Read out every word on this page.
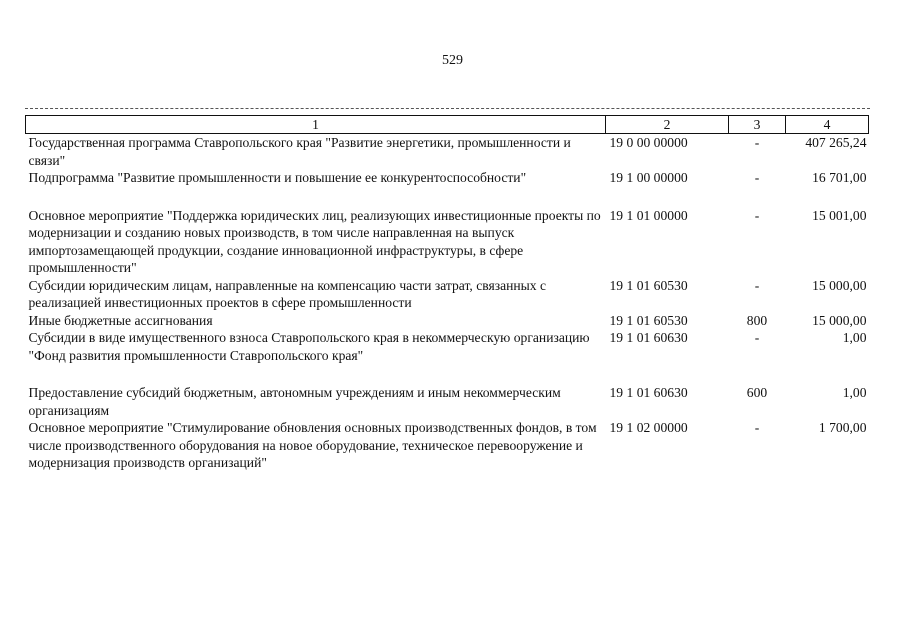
529
1	2	3	4
Государственная программа Ставропольского края "Развитие энергетики, промышленности и связи"	19 0 00 00000	-	407 265,24
Подпрограмма "Развитие промышленности и повышение ее конкурентоспособности"	19 1 00 00000	-	16 701,00
Основное мероприятие "Поддержка юридических лиц, реализующих инвестиционные проекты по модернизации и созданию новых производств, в том числе направленная на выпуск импортозамещающей продукции, создание инновационной инфраструктуры, в сфере промышленности"	19 1 01 00000	-	15 001,00
Субсидии юридическим лицам, направленные на компенсацию части затрат, связанных с реализацией инвестиционных проектов в сфере промышленности	19 1 01 60530	-	15 000,00
Иные бюджетные ассигнования	19 1 01 60530	800	15 000,00
Субсидии в виде имущественного взноса Ставропольского края в некоммерческую организацию "Фонд развития промышленности Ставропольского края"	19 1 01 60630	-	1,00
Предоставление субсидий бюджетным, автономным учреждениям и иным некоммерческим организациям	19 1 01 60630	600	1,00
Основное мероприятие "Стимулирование обновления основных производственных фондов, в том числе производственного оборудования на новое оборудование, техническое перевооружение и модернизация производств организаций"	19 1 02 00000	-	1 700,00
